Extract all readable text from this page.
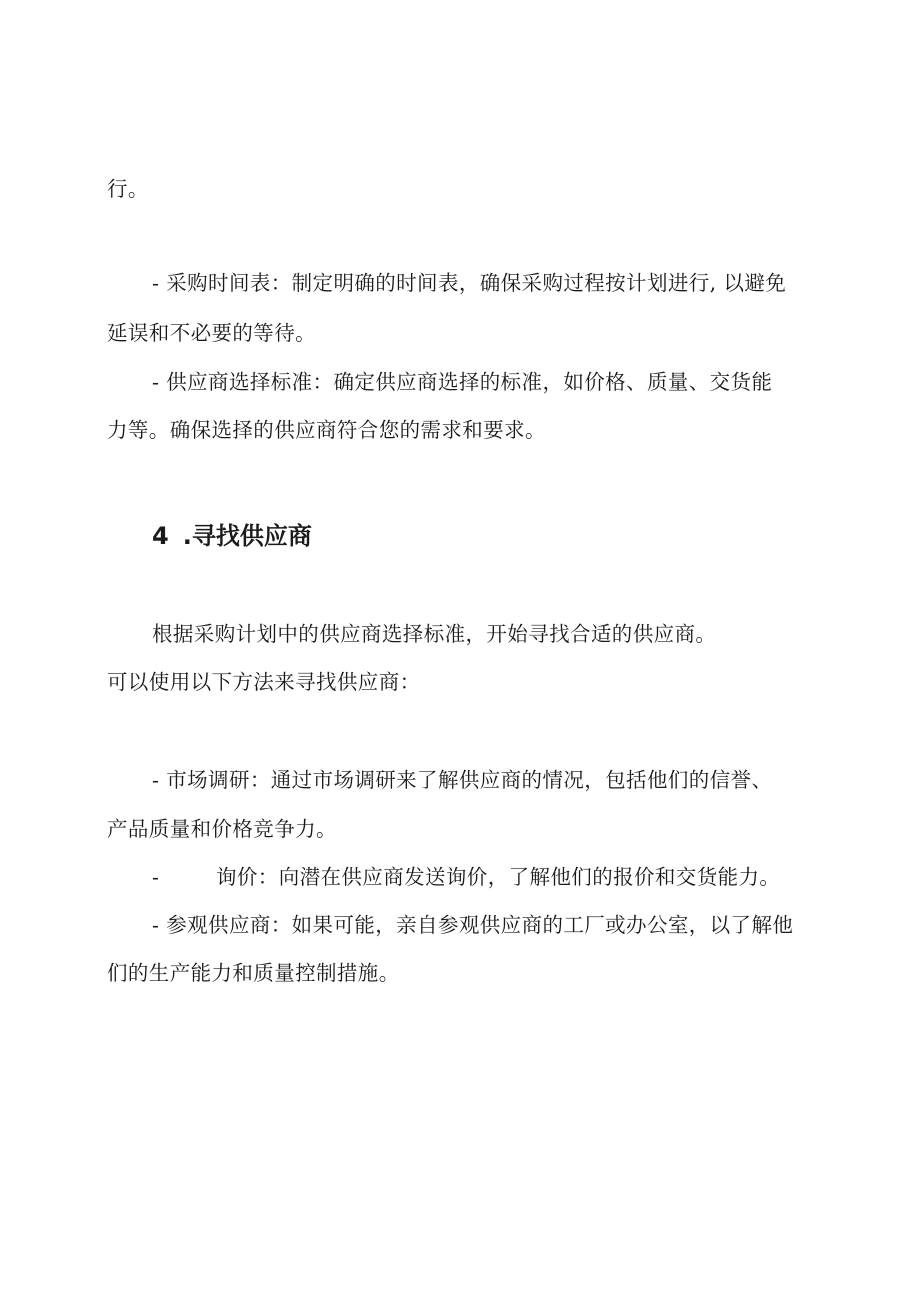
行。
- 采购时间表：制定明确的时间表，确保采购过程按计划进行, 以避免
延误和不必要的等待。
- 供应商选择标准：确定供应商选择的标准，如价格、质量、交货能
力等。确保选择的供应商符合您的需求和要求。
4 .寻找供应商
根据采购计划中的供应商选择标准，开始寻找合适的供应商。
可以使用以下方法来寻找供应商：
- 市场调研：通过市场调研来了解供应商的情况，包括他们的信誉、
产品质量和价格竞争力。
-	询价：向潜在供应商发送询价，了解他们的报价和交货能力。
- 参观供应商：如果可能，亲自参观供应商的工厂或办公室，以了解他
们的生产能力和质量控制措施。
